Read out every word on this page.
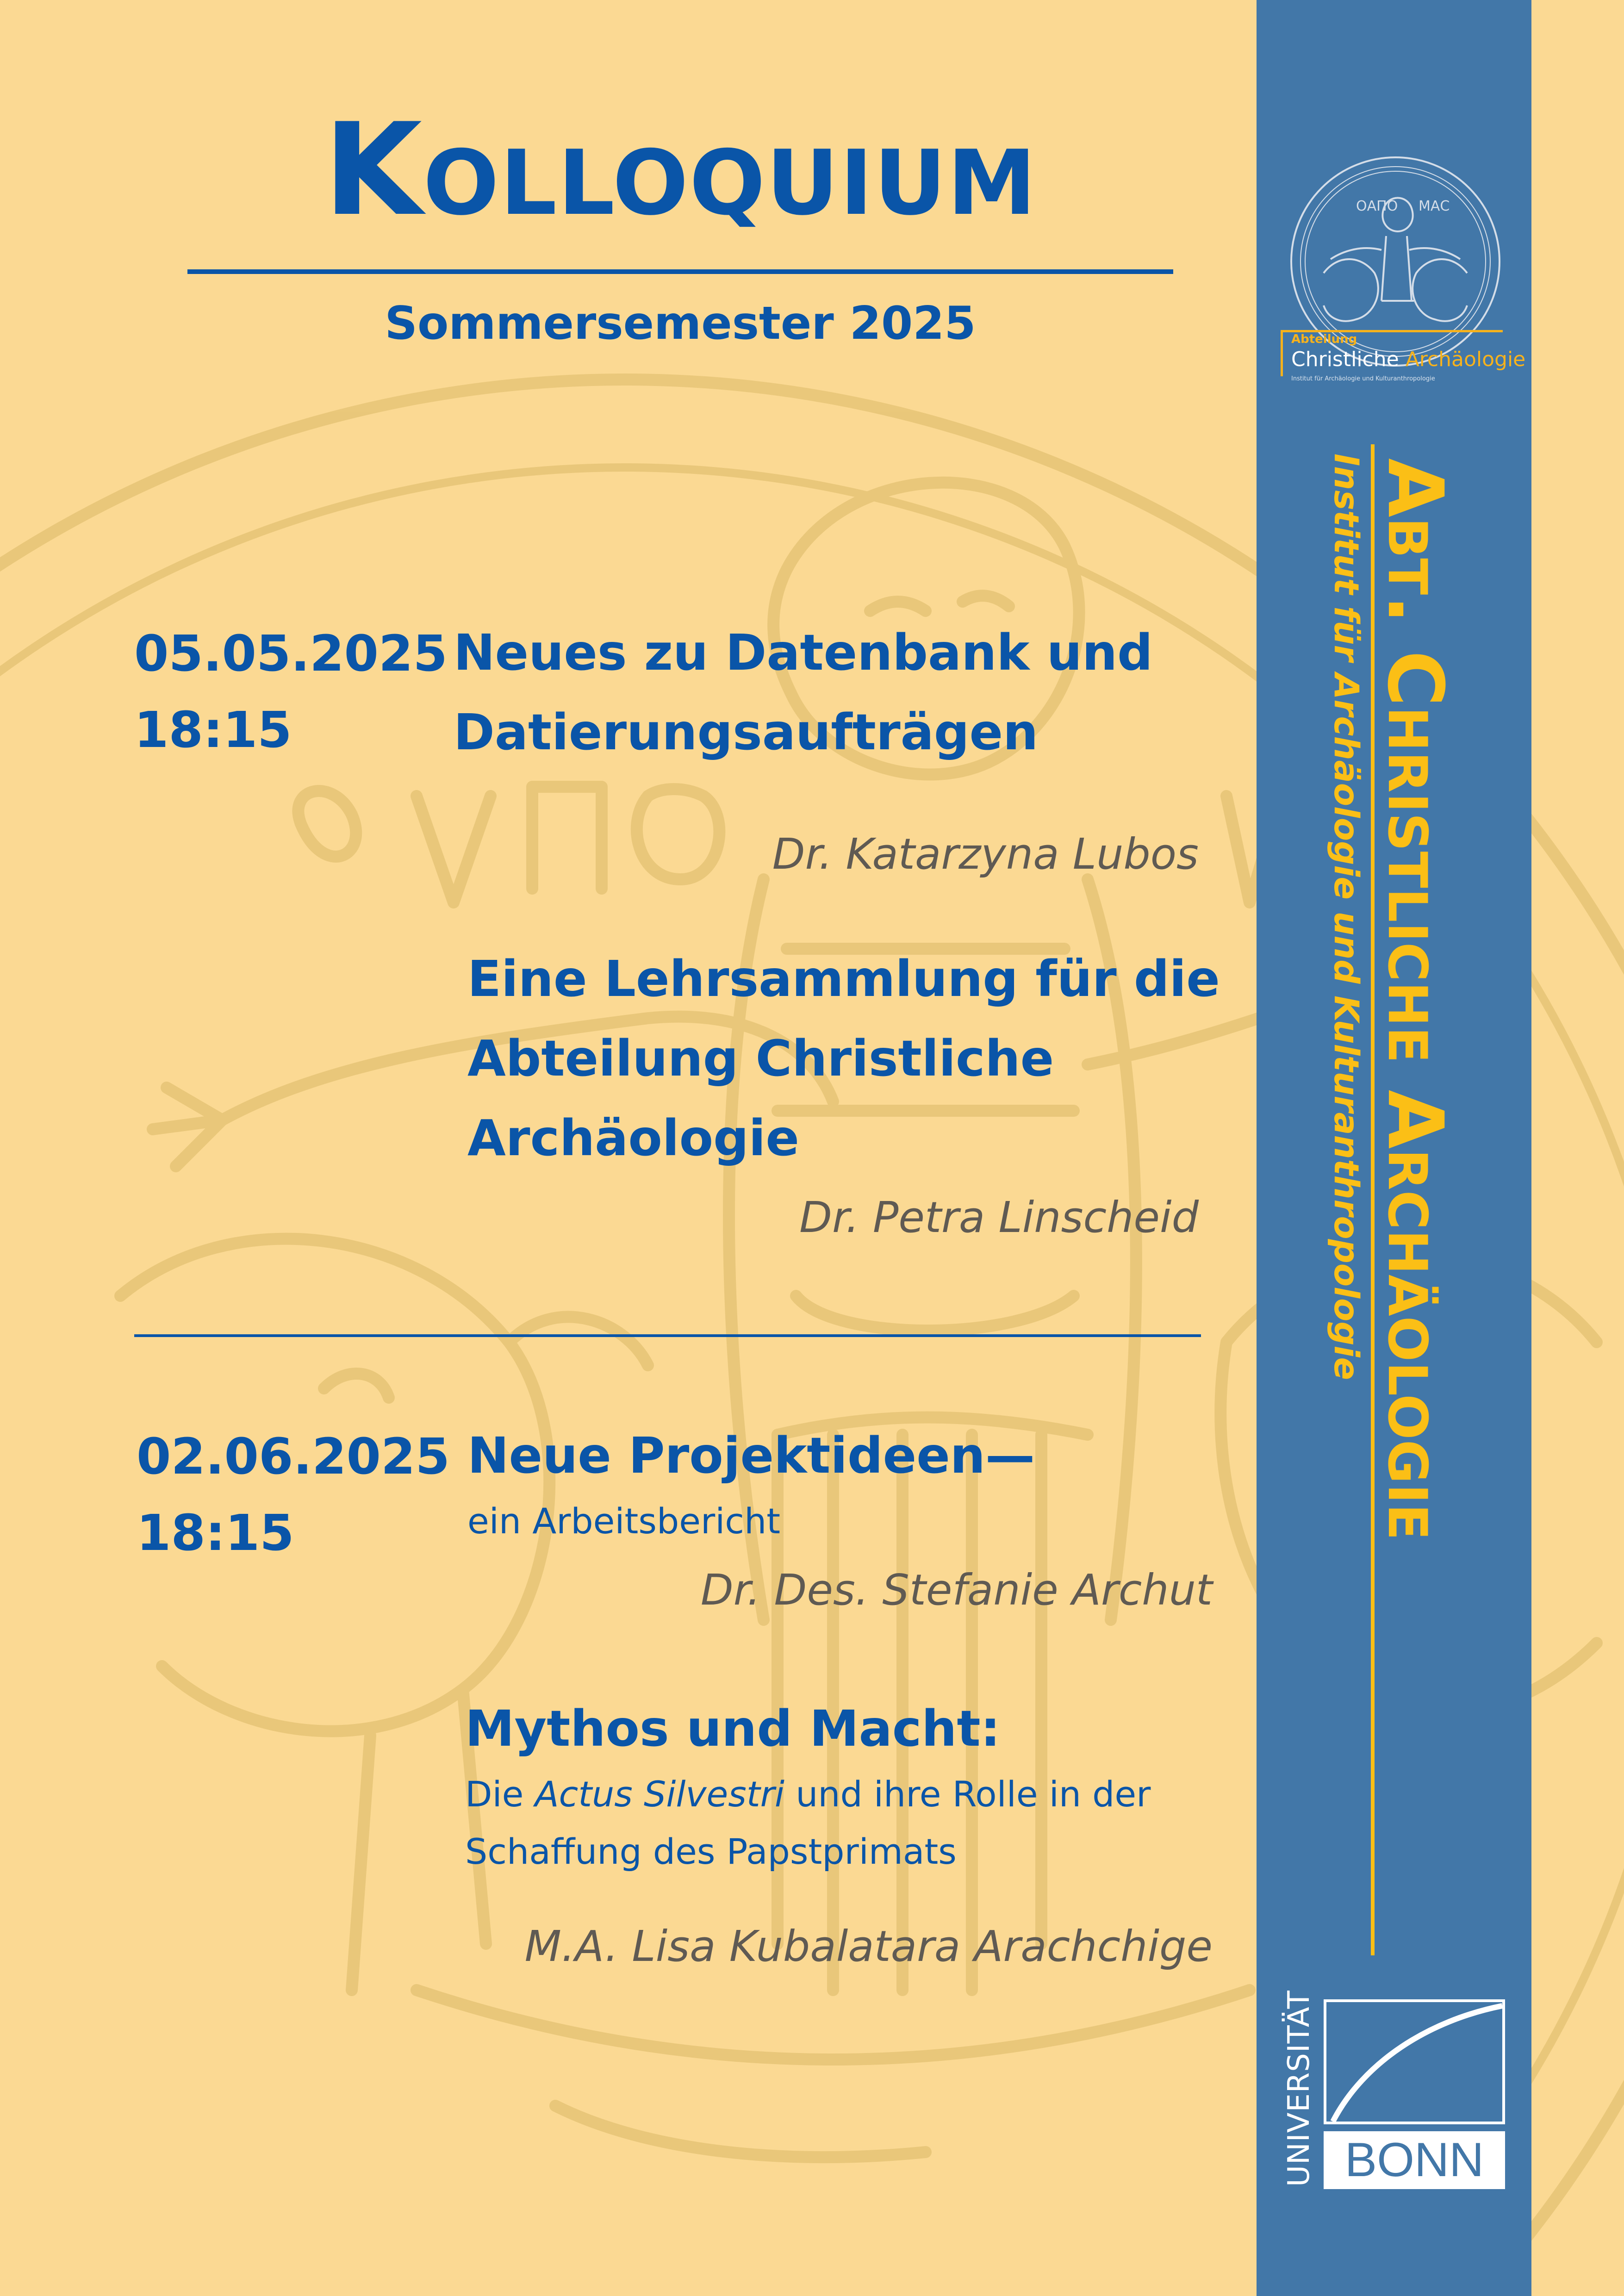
Kolloquium
Sommersemester 2025
05.05.2025
18:15
Neues zu Datenbank und
Datierungsaufträgen
Dr. Katarzyna Lubos
Eine Lehrsammlung für die
Abteilung Christliche
Archäologie
Dr. Petra Linscheid
02.06.2025
18:15
Neue Projektideen—
ein Arbeitsbericht
Dr. Des. Stefanie Archut
Mythos und Macht:
Die Actus Silvestri und ihre Rolle in der
Schaffung des Papstprimats
M.A. Lisa Kubalatara Arachchige
ΟΑΠΟ ΜΑC
Abteilung
Christliche Archäologie
Institut für Archäologie und Kulturanthropologie
Abt. Christliche Archäologie
Institut für Archäologie und Kulturanthropologie
UNIVERSITÄT BONN
